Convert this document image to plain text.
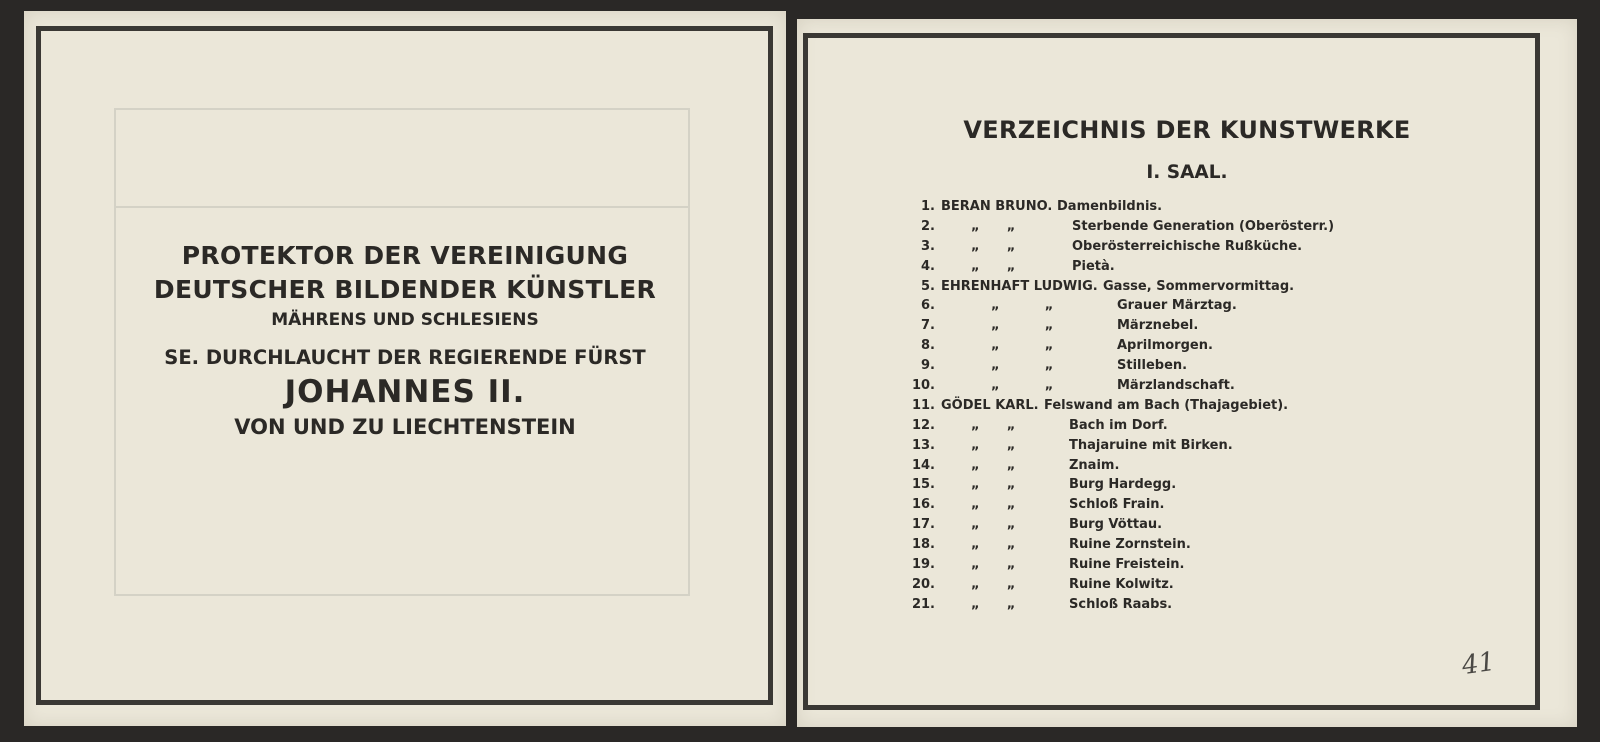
PROTEKTOR DER VEREINIGUNG
DEUTSCHER BILDENDER KÜNSTLER
MÄHRENS UND SCHLESIENS
SE. DURCHLAUCHT DER REGIERENDE FÜRST
JOHANNES II.
VON UND ZU LIECHTENSTEIN
VERZEICHNIS DER KUNSTWERKE
I. SAAL.
1. BERAN BRUNO. Damenbildnis.
2.	„      „	Sterbende Generation (Oberösterr.)
3.	„      „	Oberösterreichische Rußküche.
4.	„      „	Pietà.
5. EHRENHAFT LUDWIG. Gasse, Sommervormittag.
6.	„          „	Grauer Märztag.
7.	„          „	Märznebel.
8.	„          „	Aprilmorgen.
9.	„          „	Stilleben.
10.	„          „	Märzlandschaft.
11. GÖDEL KARL. Felswand am Bach (Thajagebiet).
12.	„      „	Bach im Dorf.
13.	„      „	Thajaruine mit Birken.
14.	„      „	Znaim.
15.	„      „	Burg Hardegg.
16.	„      „	Schloß Frain.
17.	„      „	Burg Vöttau.
18.	„      „	Ruine Zornstein.
19.	„      „	Ruine Freistein.
20.	„      „	Ruine Kolwitz.
21.	„      „	Schloß Raabs.
41
